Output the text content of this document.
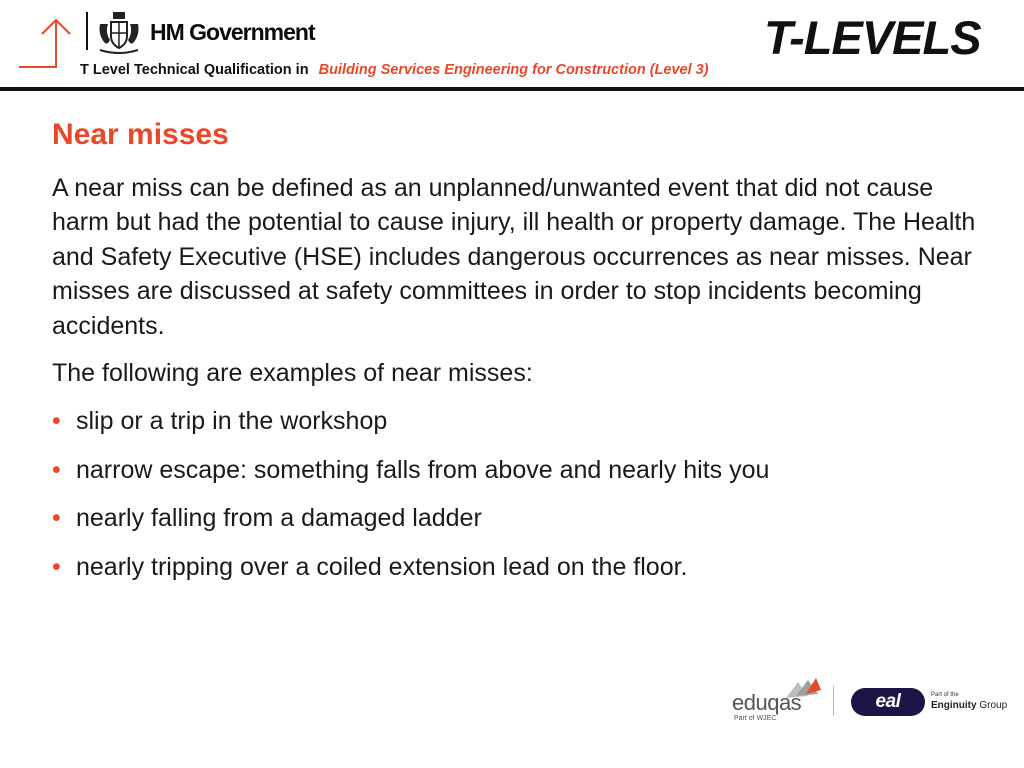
HM Government
T Level Technical Qualification in Building Services Engineering for Construction (Level 3)
T-LEVELS
Near misses

A near miss can be defined as an unplanned/unwanted event that did not cause harm but had the potential to cause injury, ill health or property damage. The Health and Safety Executive (HSE) includes dangerous occurrences as near misses. Near misses are discussed at safety committees in order to stop incidents becoming accidents.

The following are examples of near misses:

• slip or a trip in the workshop
• narrow escape: something falls from above and nearly hits you
• nearly falling from a damaged ladder
• nearly tripping over a coiled extension lead on the floor.
eduqas
Part of WJEC
eal	Part of the
Enginuity Group
